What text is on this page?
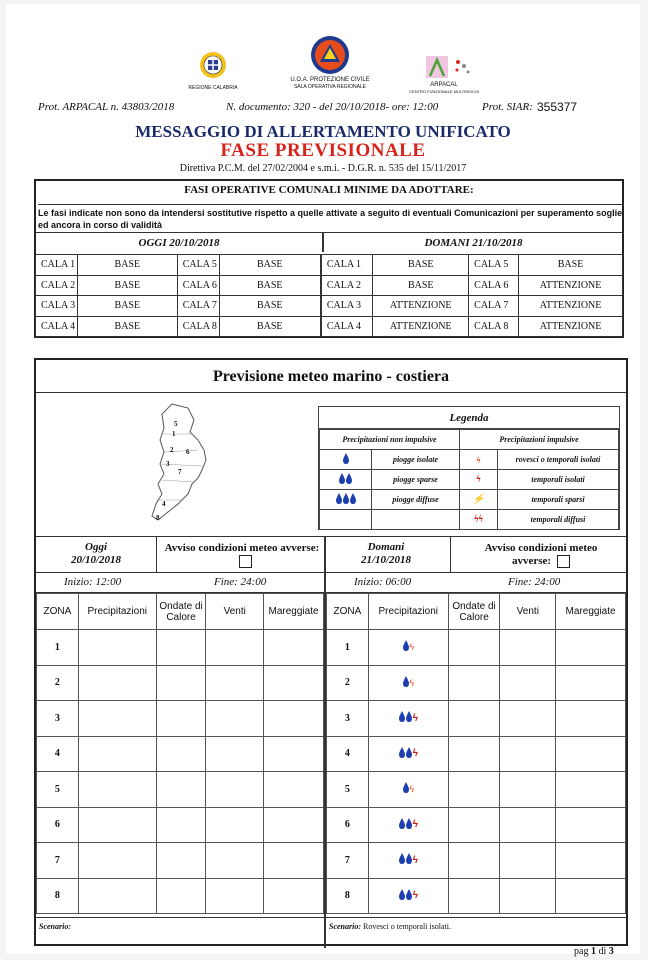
REGIONE CALABRIA
U.O.A. PROTEZIONE CIVILE
SALA OPERATIVA REGIONALE	ARPACAL
CENTRO FUNZIONALE MULTIRISCHI
Prot. ARPACAL n. 43803/2018	N. documento: 320 - del 20/10/2018- ore: 12:00	Prot. SIAR: 355377
MESSAGGIO DI ALLERTAMENTO UNIFICATO
FASE PREVISIONALE
Direttiva P.C.M. del 27/02/2004 e s.m.i. - D.G.R. n. 535 del 15/11/2017
FASI OPERATIVE COMUNALI MINIME DA ADOTTARE:
Le fasi indicate non sono da intendersi sostitutive rispetto a quelle attivate a seguito di eventuali Comunicazioni per superamento soglie ed ancora in corso di validità
OGGI 20/10/2018	DOMANI 21/10/2018
CALA 1	BASE	CALA 5	BASE	CALA 1	BASE	CALA 5	BASE
CALA 2	BASE	CALA 6	BASE	CALA 2	BASE	CALA 6	ATTENZIONE
CALA 3	BASE	CALA 7	BASE	CALA 3	ATTENZIONE	CALA 7	ATTENZIONE
CALA 4	BASE	CALA 8	BASE	CALA 4	ATTENZIONE	CALA 8	ATTENZIONE
Previsione meteo marino - costiera
1
2
3
4
5
6
7
8
Legenda
Precipitazioni non impulsive		Precipitazioni impulsive	
	piogge isolate	ϟ	rovesci o temporali isolati
	piogge sparse	ϟ	temporali isolati
	piogge diffuse	⚡	temporali sparsi
		ϟϟ	temporali diffusi
Oggi
20/10/2018
Avviso condizioni meteo avverse:	Domani
21/10/2018
Avviso condizioni meteo avverse:
Inizio: 12:00	Fine: 24:00	Inizio: 06:00	Fine: 24:00
ZONA	Precipitazioni	Ondate di Calore	Venti	Mareggiate
1				
2				
3				
4				
5				
6				
7				
8				
ZONA	Precipitazioni	Ondate di Calore	Venti	Mareggiate
1	ϟ			
2	ϟ			
3	ϟ			
4	ϟ			
5	ϟ			
6	ϟ			
7	ϟ			
8	ϟ			
Scenario:	Scenario: Rovesci o temporali isolati.
pag 1 di 3
